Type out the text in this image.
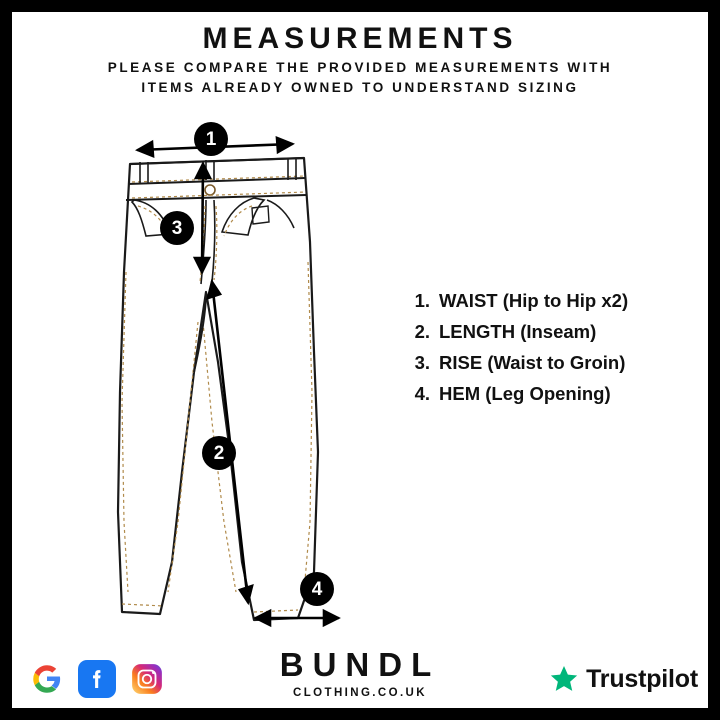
MEASUREMENTS
PLEASE COMPARE THE PROVIDED MEASUREMENTS WITH
ITEMS ALREADY OWNED TO UNDERSTAND SIZING
1
3
2
4
1. WAIST (Hip to Hip x2)
2. LENGTH (Inseam)
3. RISE (Waist to Groin)
4. HEM (Leg Opening)
BUNDL
CLOTHING.CO.UK
Trustpilot
